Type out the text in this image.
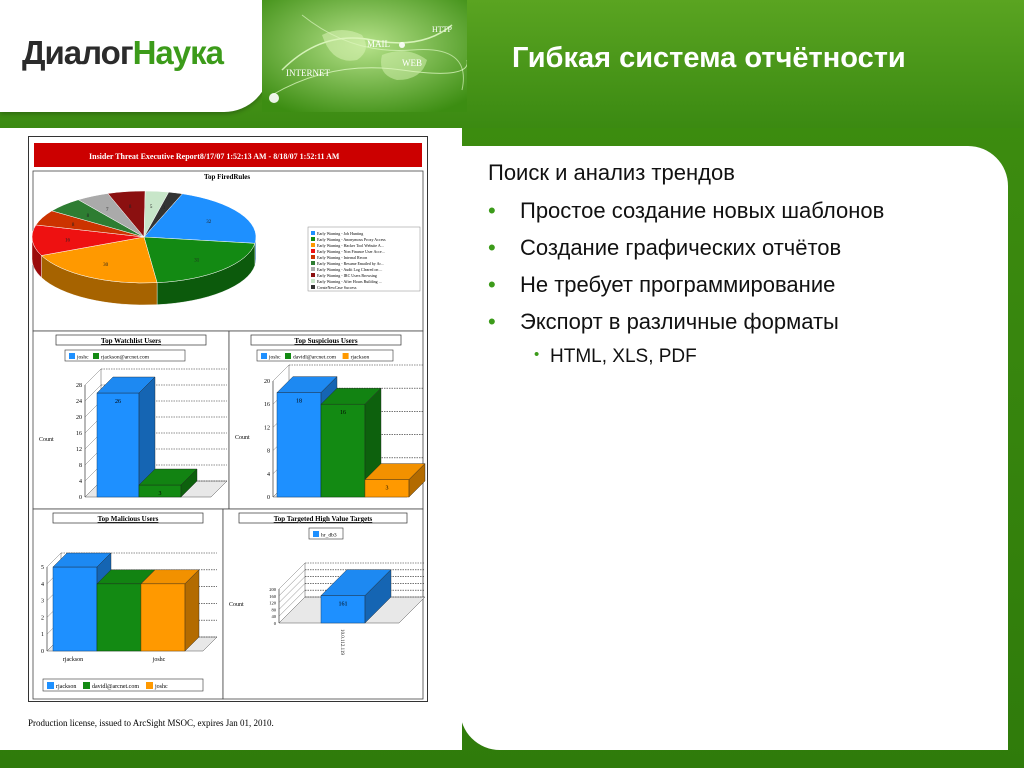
ДиалогНаука
INTERNET
MAIL
WEB
HTTP
Гибкая система отчётности
Поиск и анализ трендов
• Простое создание новых шаблонов
• Создание графических отчётов
• Не требует программирование
• Экспорт в различные форматы
• HTML, XLS, PDF
Insider Threat Executive Report8/17/07 1:52:13 AM - 8/18/07 1:52:11 AM
Top FiredRules
32
31
30
16
8
8
7
8	5 3
Early Warning - Job Hunting
Early Warning - Anonymous Proxy Access
Early Warning - Hacker Tool Website A...
Early Warning - Non Finance User Acce...
Early Warning - Internal Recon
Early Warning - Resume Emailed by Ar...
Early Warning - Audit Log Cleared on ...
Early Warning - IRC Users Browsing
Early Warning - After Hours Building ...
CreateNewCase Success
Top Watchlist Users
joshc rjackson@arcnet.com
0
4
8
12
16
20
24
28
Count
26
3
Top Suspicious Users
joshc davidl@arcnet.com	rjackson
0
4
8
12
16
20
Count
18
16
3
Top Malicious Users
0
1
2
3
4
5
rjackson	joshc
rjackson	davidl@arcnet.com	joshc
Top Targeted High Value Targets
hr_db3
0
40
80
120
160
200
Count	161
10.0.112.119
Production license, issued to ArcSight MSOC, expires Jan 01, 2010.
